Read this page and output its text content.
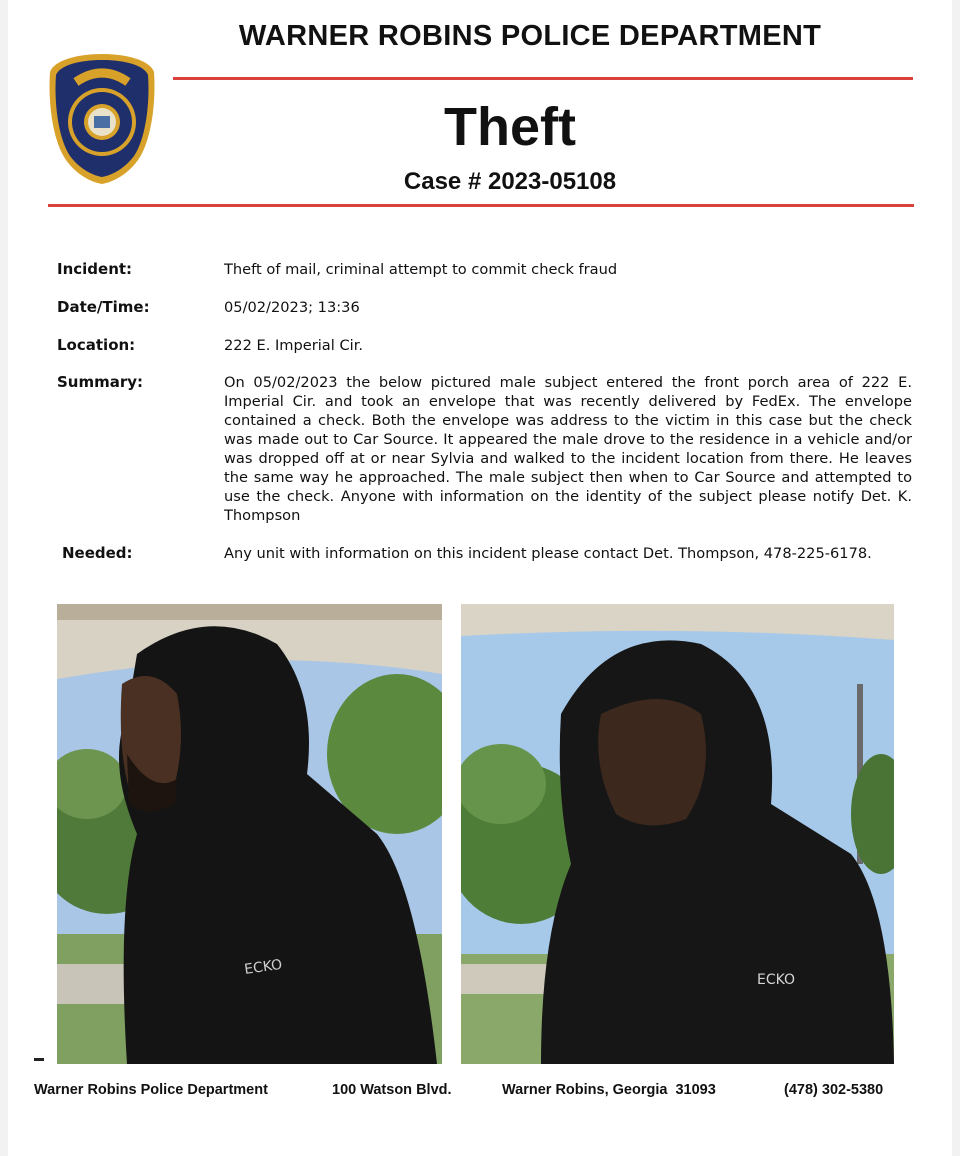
WARNER ROBINS POLICE DEPARTMENT
Theft
Case # 2023-05108
Incident:	Theft of mail, criminal attempt to commit check fraud
Date/Time:	05/02/2023; 13:36
Location:	222 E. Imperial Cir.
Summary:	On 05/02/2023 the below pictured male subject entered the front porch area of 222 E. Imperial Cir. and took an envelope that was recently delivered by FedEx. The envelope contained a check. Both the envelope was address to the victim in this case but the check was made out to Car Source. It appeared the male drove to the residence in a vehicle and/or was dropped off at or near Sylvia and walked to the incident location from there. He leaves the same way he approached. The male subject then when to Car Source and attempted to use the check. Anyone with information on the identity of the subject please notify Det. K. Thompson
Needed:	Any unit with information on this incident please contact Det. Thompson, 478-225-6178.
ECKO
ECKO
Warner Robins Police Department	100 Watson Blvd.	Warner Robins, Georgia  31093	(478) 302-5380
